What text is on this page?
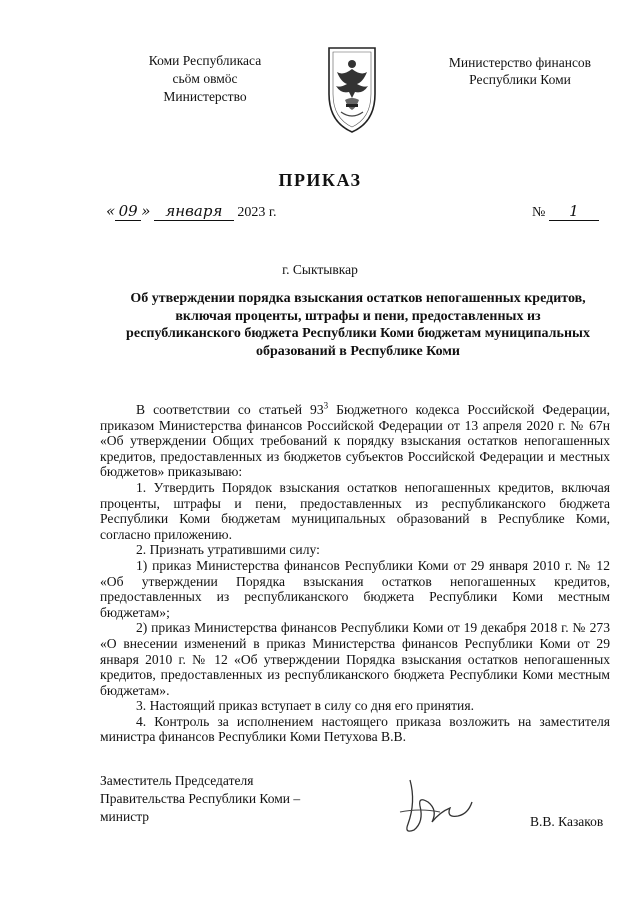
Коми Республикаса
сьӧм овмӧс
Министерство
Министерство финансов
Республики Коми
ПРИКАЗ
« 09 » января 2023 г.	№ 1
г. Сыктывкар
Об утверждении порядка взыскания остатков непогашенных кредитов,
включая проценты, штрафы и пени, предоставленных из
республиканского бюджета Республики Коми бюджетам муниципальных
образований в Республике Коми

В соответствии со статьей $93^3$ Бюджетного кодекса Российской Федерации, приказом Министерства финансов Российской Федерации от 13 апреля 2020 г. № 67н «Об утверждении Общих требований к порядку взыскания остатков непогашенных кредитов, предоставленных из бюджетов субъектов Российской Федерации и местных бюджетов» приказываю:

1. Утвердить Порядок взыскания остатков непогашенных кредитов, включая проценты, штрафы и пени, предоставленных из республиканского бюджета Республики Коми бюджетам муниципальных образований в Республике Коми, согласно приложению.

2. Признать утратившими силу:

1) приказ Министерства финансов Республики Коми от 29 января 2010 г. № 12 «Об утверждении Порядка взыскания остатков непогашенных кредитов, предоставленных из республиканского бюджета Республики Коми местным бюджетам»;

2) приказ Министерства финансов Республики Коми от 19 декабря 2018 г. № 273 «О внесении изменений в приказ Министерства финансов Республики Коми от 29 января 2010 г. № 12 «Об утверждении Порядка взыскания остатков непогашенных кредитов, предоставленных из республиканского бюджета Республики Коми местным бюджетам».

3. Настоящий приказ вступает в силу со дня его принятия.

4. Контроль за исполнением настоящего приказа возложить на заместителя министра финансов Республики Коми Петухова В.В.

Заместитель Председателя
Правительства Республики Коми –
министр	В.В. Казаков
